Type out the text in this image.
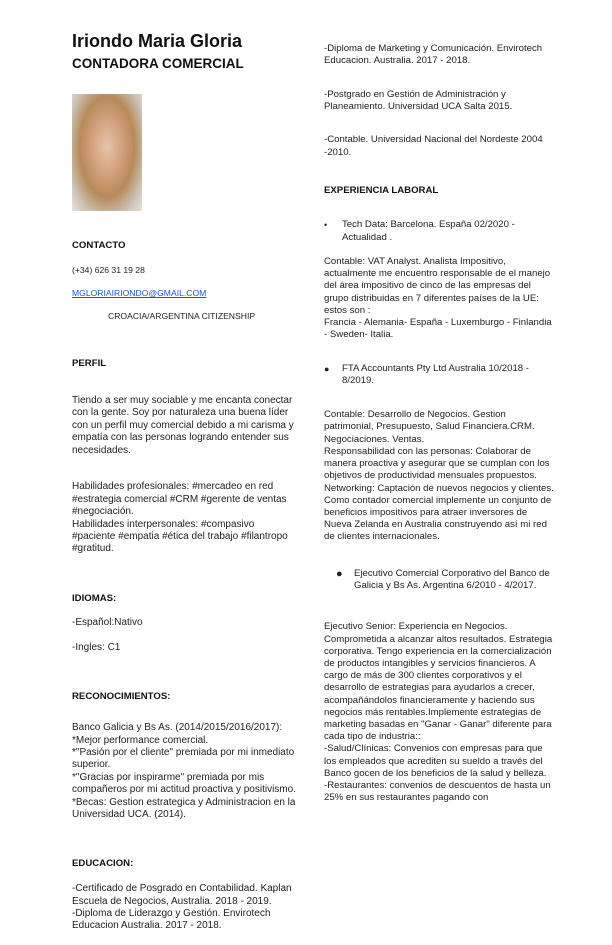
Iriondo Maria Gloria
CONTADORA COMERCIAL

CONTACTO

(+34) 626 31 19 28

MGLORIAIRIONDO@GMAIL.COM

CROACIA/ARGENTINA CITIZENSHIP

PERFIL

Tiendo a ser muy sociable y me encanta conectar con la gente. Soy por naturaleza una buena líder con un perfil muy comercial debido a mi carisma y empatía con las personas logrando entender sus necesidades.

Habilidades profesionales: #mercadeo en red #estrategia comercial #CRM #gerente de ventas #negociación.
Habilidades interpersonales: #compasivo #paciente #empatia #ética del trabajo #filantropo #gratitud.

IDIOMAS:

-Español:Nativo

-Ingles: C1

RECONOCIMIENTOS:

Banco Galicia y Bs As. (2014/2015/2016/2017):
*Mejor performance comercial.
*"Pasión por el cliente" premiada por mi inmediato superior.
*"Gracias por inspirarme" premiada por mis compañeros por mi actitud proactiva y positivismo.
*Becas: Gestion estrategica y Administracion en la Universidad UCA. (2014).

EDUCACION:

-Certificado de Posgrado en Contabilidad. Kaplan Escuela de Negocios, Australia. 2018 - 2019.
-Diploma de Liderazgo y Gestión. Envirotech Educacion Australia. 2017 - 2018.

-Diploma de Marketing y Comunicación. Envirotech Educacion. Australia. 2017 - 2018.

-Postgrado en Gestión de Administración y Planeamiento. Universidad UCA Salta 2015.

-Contable. Universidad Nacional del Nordeste 2004 -2010.

EXPERIENCIA LABORAL

•	Tech Data: Barcelona. España 02/2020 - Actualidad .

Contable: VAT Analyst. Analista Impositivo, actualmente me encuentro responsable de el manejo del área impositivo de cinco de las empresas del grupo distribuidas en 7 diferentes países de la UE: estos son :
Francia - Alemania- España - Luxemburgo - Finlandia - Sweden- Italia.

●	FTA Accountants Pty Ltd Australia 10/2018 - 8/2019.

Contable: Desarrollo de Negocios. Gestion patrimonial, Presupuesto, Salud Financiera.CRM. Negociaciones. Ventas.
Responsabilidad con las personas: Colaborar de manera proactiva y asegurar que se cumplan con los objetivos de productividad mensuales propuestos.
Networking: Captación de nuevos negocios y clientes. Como contador comercial implemente un conjunto de beneficios impositivos para atraer inversores de Nueva Zelanda en Australia construyendo así mi red de clientes internacionales.

●	Ejecutivo Comercial Corporativo del Banco de Galicia y Bs As. Argentina 6/2010 - 4/2017.

Ejecutivo Senior: Experiencia en Negocios. Comprometida a alcanzar altos resultados. Estrategia corporativa. Tengo experiencia en la comercialización de productos intangibles y servicios financieros. A cargo de más de 300 clientes corporativos y el desarrollo de estrategias para ayudarlos a crecer, acompañándolos financieramente y haciendo sus negocios más rentables.Implemente estrategias de marketing basadas en "Ganar - Ganar" diferente para cada tipo de industria::
-Salud/Clínicas: Convenios con empresas para que los empleados que acrediten su sueldo a través del Banco gocen de los beneficios de la salud y belleza.
-Restaurantes: convenios de descuentos de hasta un 25% en sus restaurantes pagando con
